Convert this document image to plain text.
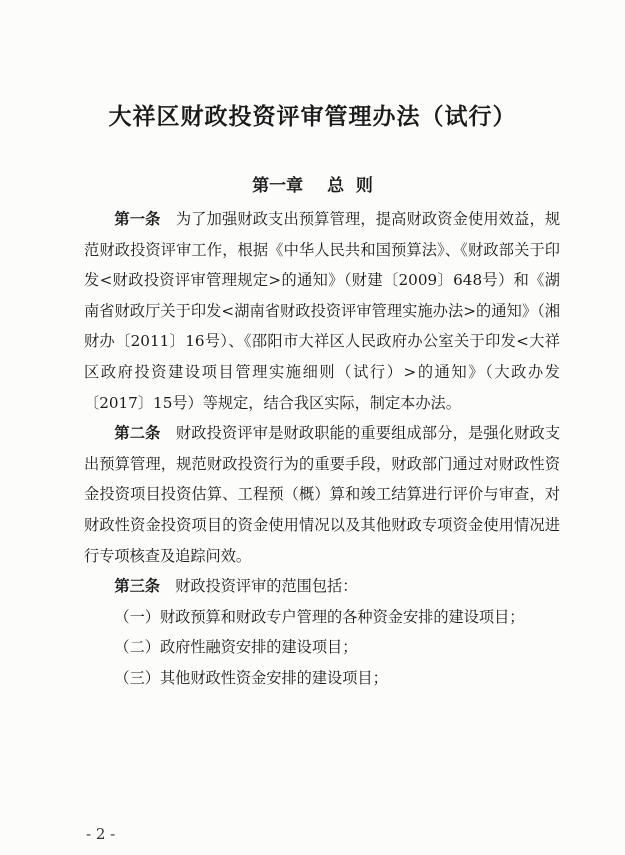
大祥区财政投资评审管理办法（试行）
第一章 总  则

第一条　为了加强财政支出预算管理，提高财政资金使用效益，规范财政投资评审工作，根据《中华人民共和国预算法》、《财政部关于印发<财政投资评审管理规定>的通知》（财建〔2009〕648号）和《湖南省财政厅关于印发<湖南省财政投资评审管理实施办法>的通知》（湘财办〔2011〕16号）、《邵阳市大祥区人民政府办公室关于印发<大祥区政府投资建设项目管理实施细则（试行）>的通知》（大政办发〔2017〕15号）等规定，结合我区实际，制定本办法。

第二条　财政投资评审是财政职能的重要组成部分，是强化财政支出预算管理，规范财政投资行为的重要手段，财政部门通过对财政性资金投资项目投资估算、工程预（概）算和竣工结算进行评价与审查，对财政性资金投资项目的资金使用情况以及其他财政专项资金使用情况进行专项核查及追踪问效。

第三条　财政投资评审的范围包括：

（一）财政预算和财政专户管理的各种资金安排的建设项目；

（二）政府性融资安排的建设项目；

（三）其他财政性资金安排的建设项目；

- 2 -
